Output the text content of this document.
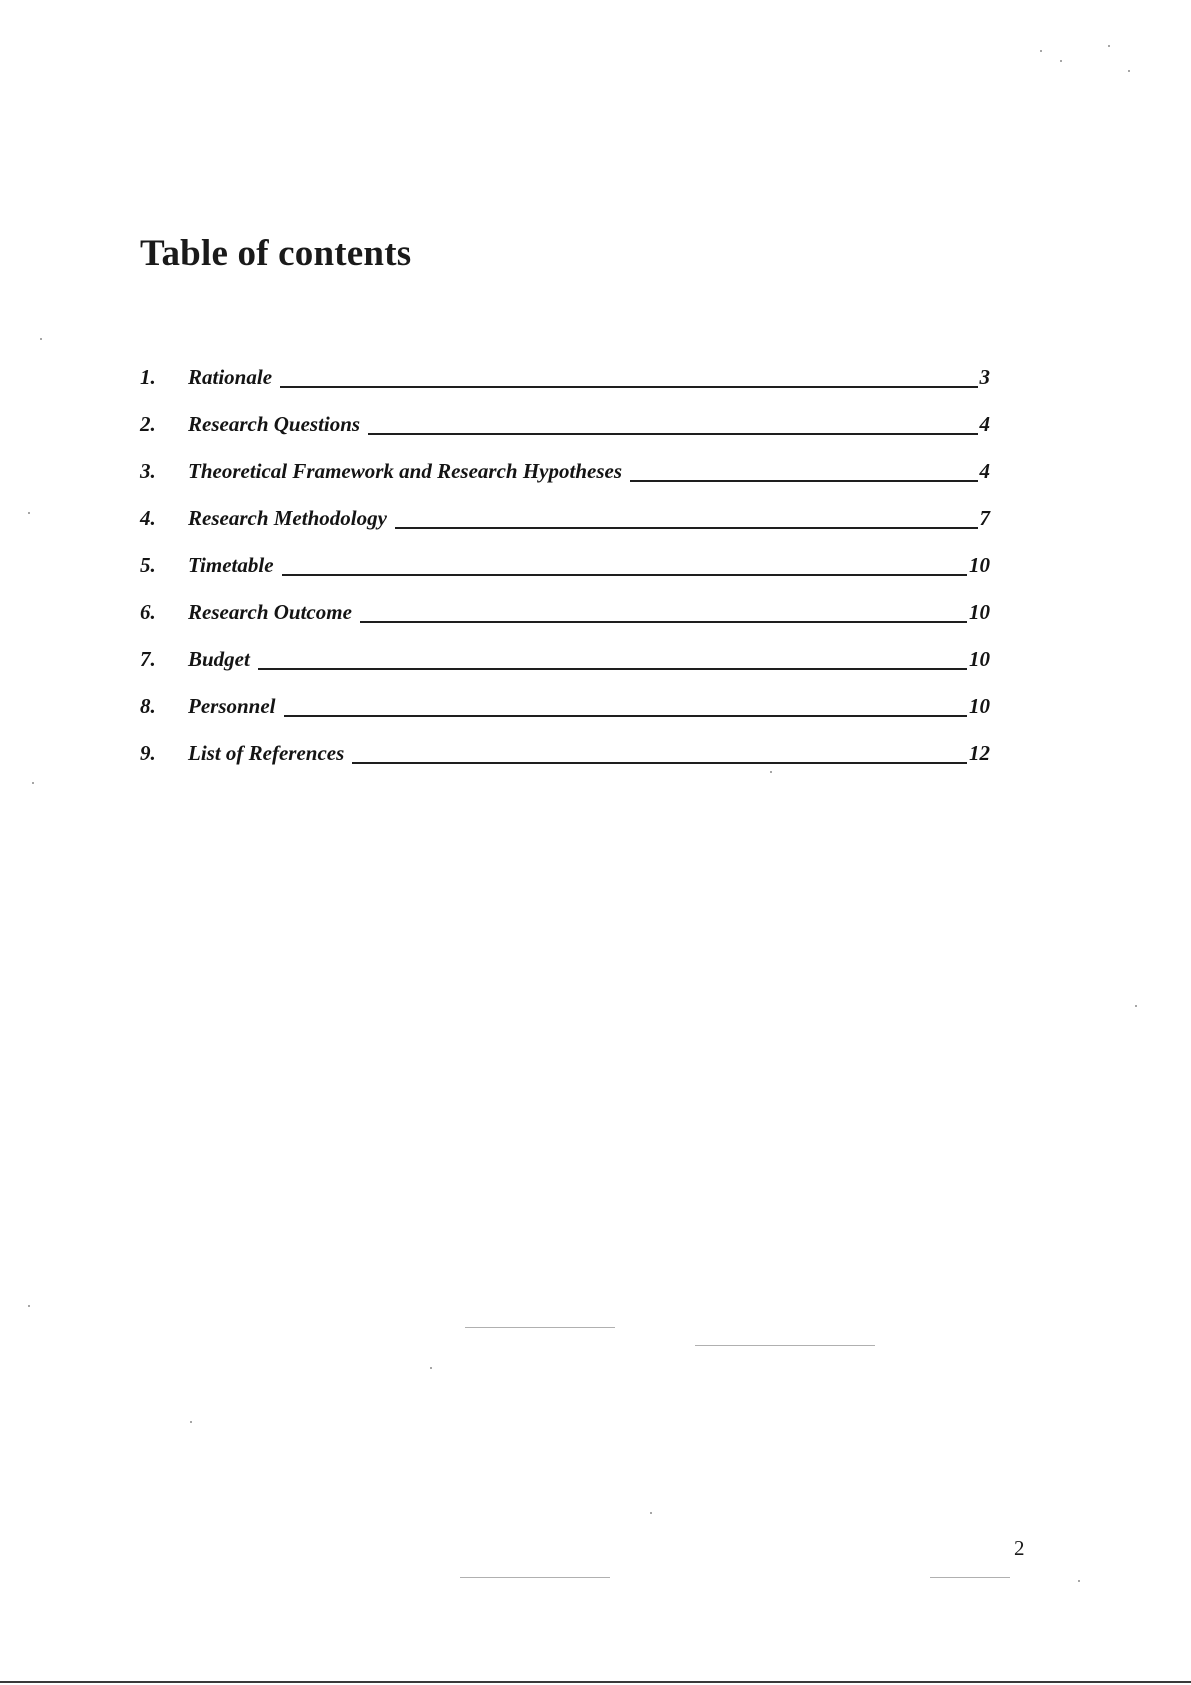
Table of contents
1.	Rationale	3
2.	Research Questions	4
3.	Theoretical Framework and Research Hypotheses	4
4.	Research Methodology	7
5.	Timetable	10
6.	Research Outcome	10
7.	Budget	10
8.	Personnel	10
9.	List of References	12
2
